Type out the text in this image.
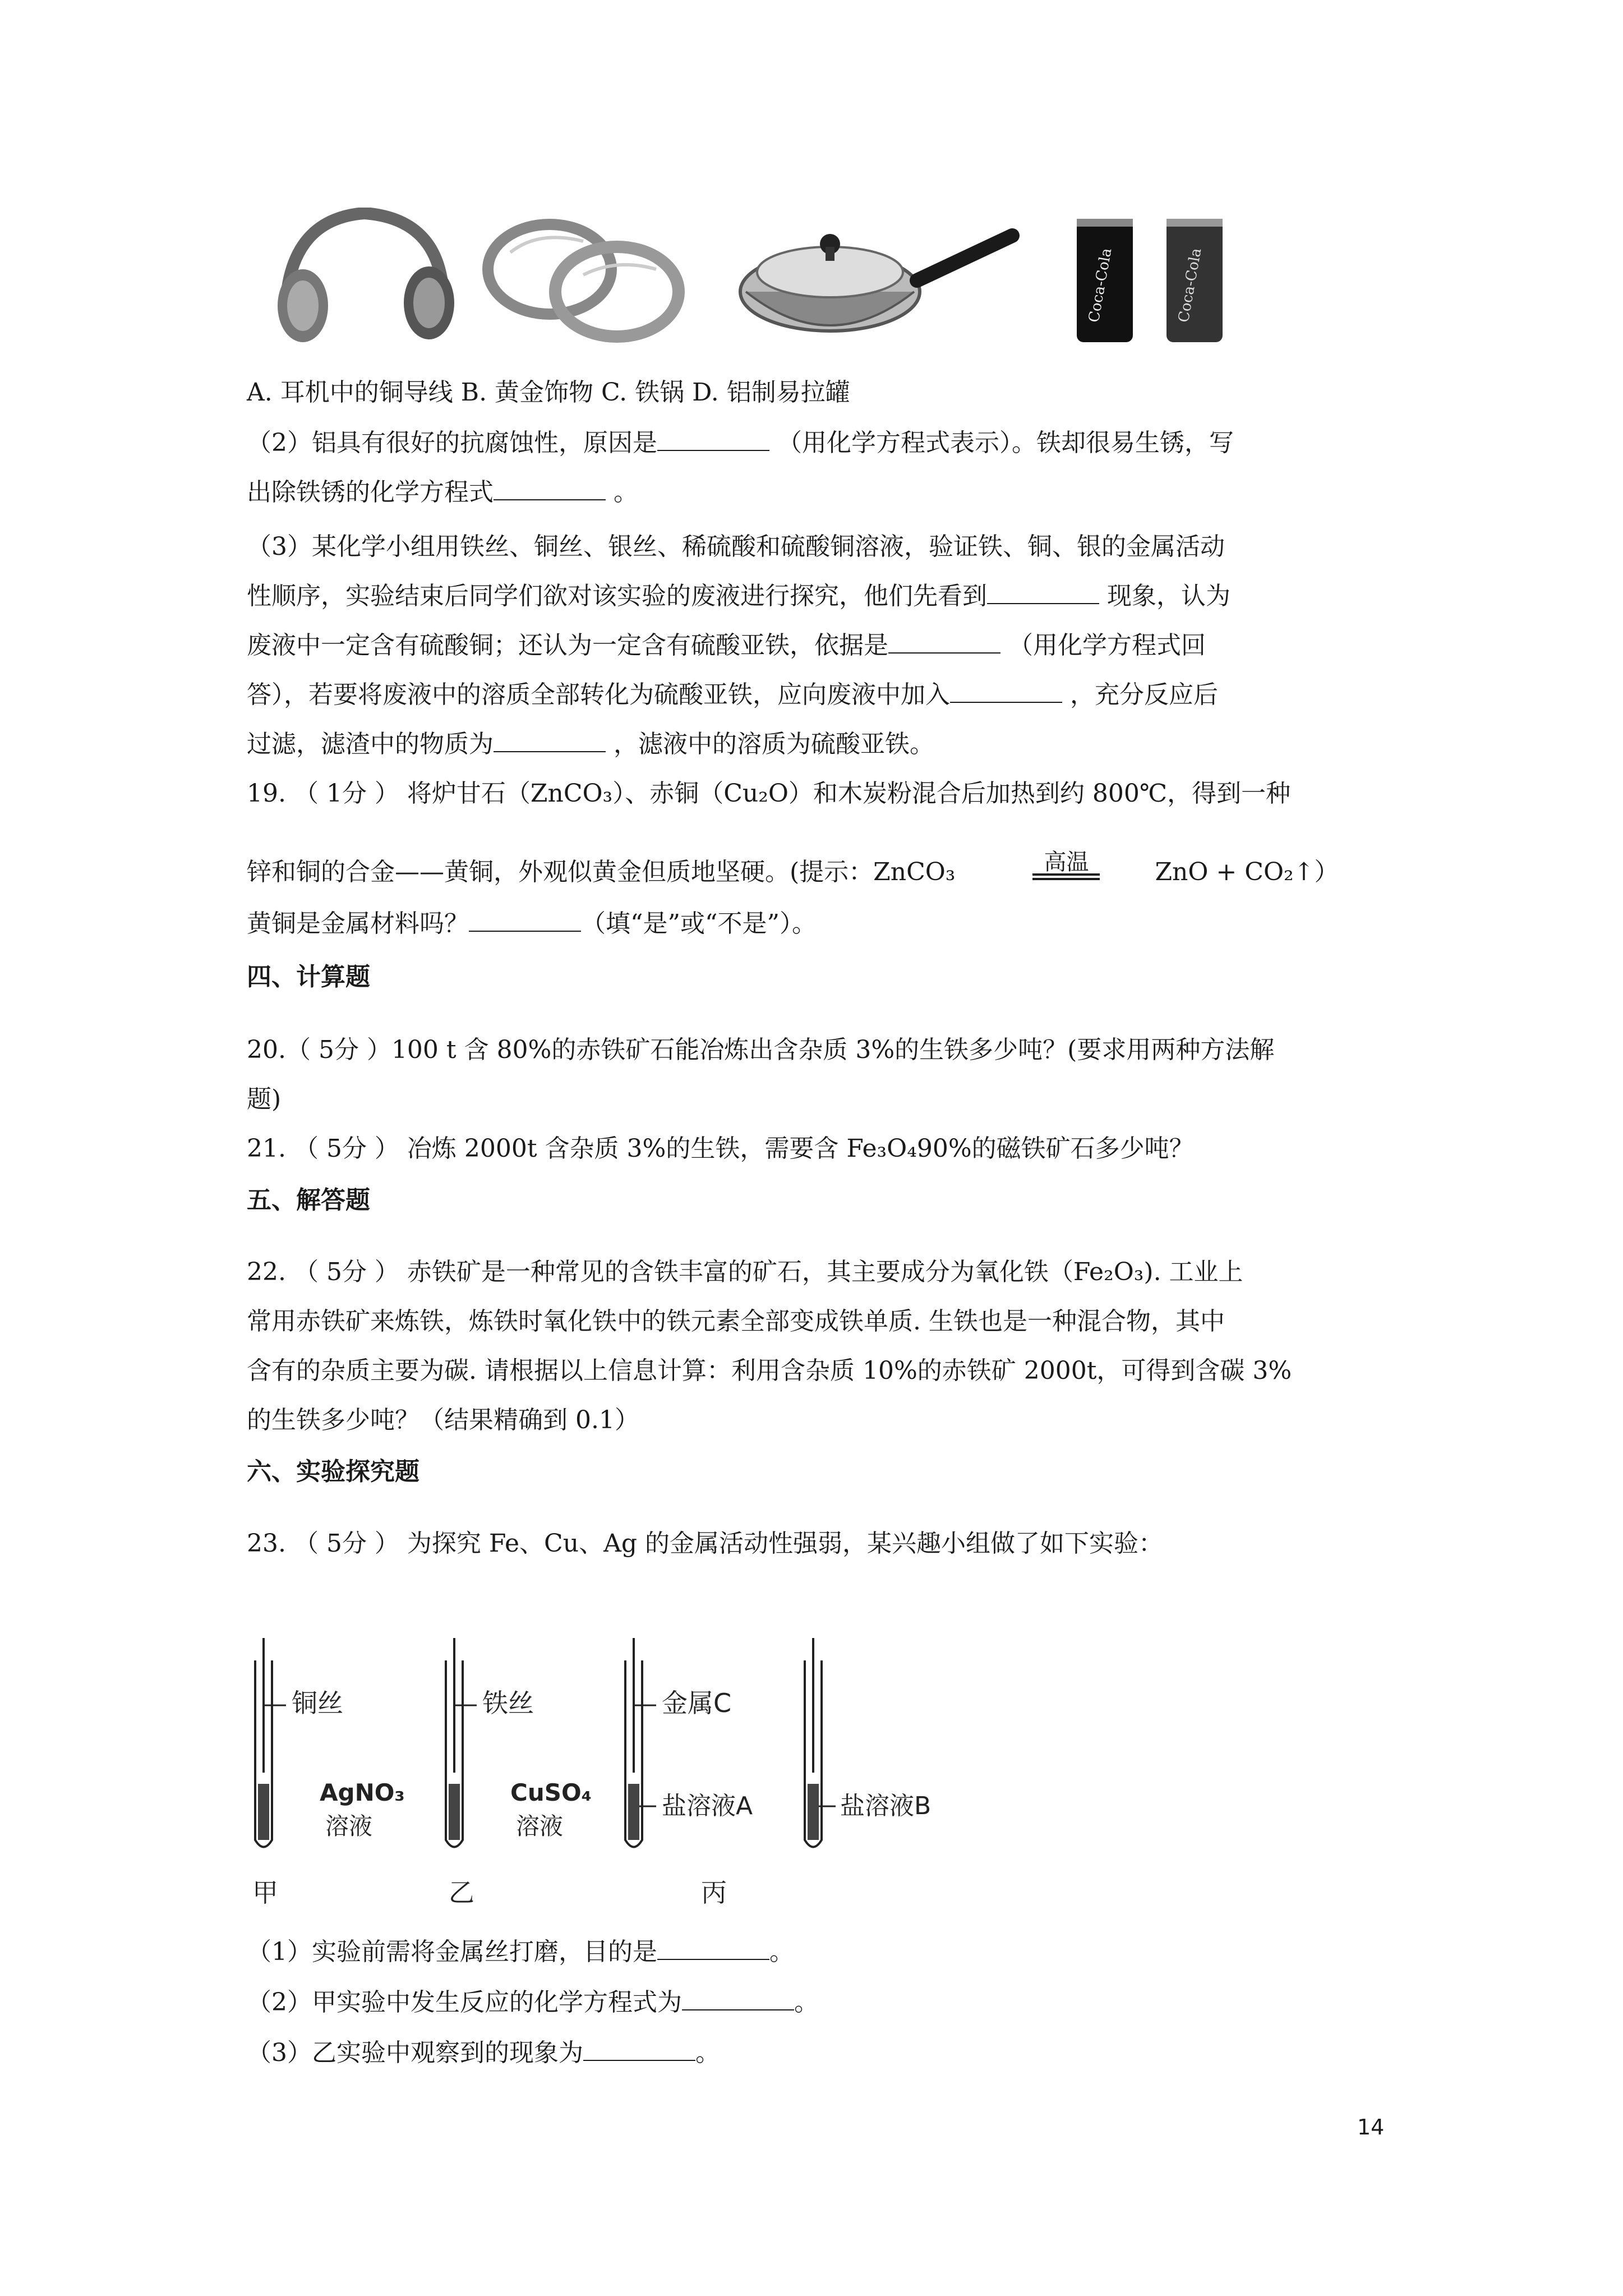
Coca-Cola	Coca-Cola
A. 耳机中的铜导线 B. 黄金饰物 C. 铁锅 D. 铝制易拉罐
（2）铝具有很好的抗腐蚀性，原因是	（用化学方程式表示）。铁却很易生锈，写
出除铁锈的化学方程式	。
（3）某化学小组用铁丝、铜丝、银丝、稀硫酸和硫酸铜溶液，验证铁、铜、银的金属活动
性顺序，实验结束后同学们欲对该实验的废液进行探究，他们先看到	现象，认为
废液中一定含有硫酸铜；还认为一定含有硫酸亚铁，依据是	（用化学方程式回
答），若要将废液中的溶质全部转化为硫酸亚铁，应向废液中加入	，充分反应后
过滤，滤渣中的物质为	，滤液中的溶质为硫酸亚铁。
19. （ 1分 ） 将炉甘石（ZnCO₃）、赤铜（Cu₂O）和木炭粉混合后加热到约 800℃，得到一种
锌和铜的合金——黄铜，外观似黄金但质地坚硬。(提示：ZnCO₃	高温	ZnO + CO₂↑）
黄铜是金属材料吗？	（填“是”或“不是”）。
四、计算题
20.（ 5分 ）100 t 含 80%的赤铁矿石能冶炼出含杂质 3%的生铁多少吨？(要求用两种方法解
题)
21. （ 5分 ） 冶炼 2000t 含杂质 3%的生铁，需要含 Fe₃O₄90%的磁铁矿石多少吨？
五、解答题
22. （ 5分 ） 赤铁矿是一种常见的含铁丰富的矿石，其主要成分为氧化铁（Fe₂O₃). 工业上
常用赤铁矿来炼铁，炼铁时氧化铁中的铁元素全部变成铁单质. 生铁也是一种混合物，其中
含有的杂质主要为碳. 请根据以上信息计算：利用含杂质 10%的赤铁矿 2000t，可得到含碳 3%
的生铁多少吨？（结果精确到 0.1）
六、实验探究题
23. （ 5分 ） 为探究 Fe、Cu、Ag 的金属活动性强弱，某兴趣小组做了如下实验：
铜丝
AgNO₃
溶液
甲
铁丝
CuSO₄
溶液
乙
金属C
盐溶液A
丙
盐溶液B
（1）实验前需将金属丝打磨，目的是	。
（2）甲实验中发生反应的化学方程式为	。
（3）乙实验中观察到的现象为	。
14
